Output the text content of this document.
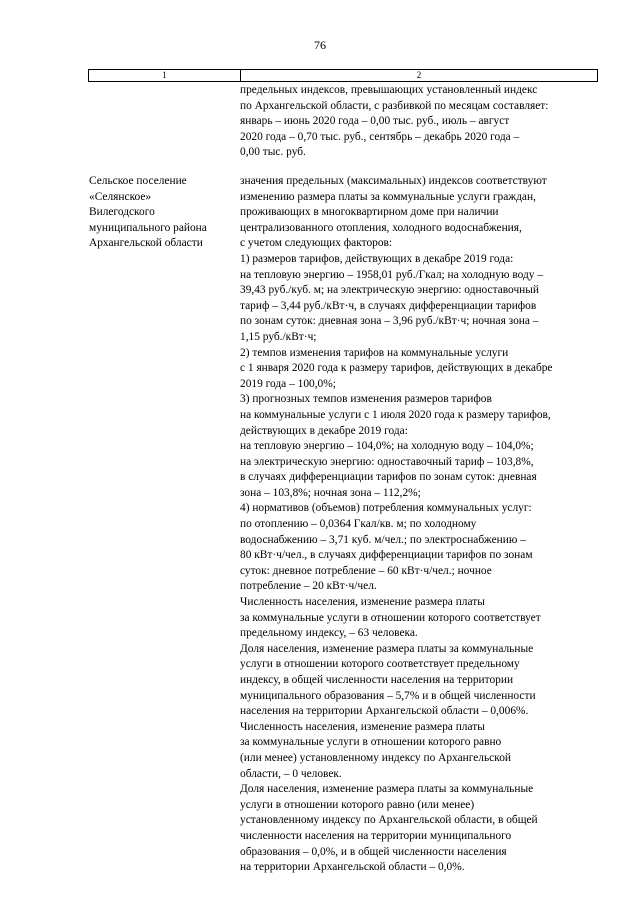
76
1	2
предельных индексов, превышающих установленный индекс
по Архангельской области, с разбивкой по месяцам составляет:
январь – июнь 2020 года – 0,00 тыс. руб., июль – август
2020 года – 0,70 тыс. руб., сентябрь – декабрь 2020 года –
0,00 тыс. руб.
Сельское поселение
«Селянское»
Вилегодского
муниципального района
Архангельской области
значения предельных (максимальных) индексов соответствуют
изменению размера платы за коммунальные услуги граждан,
проживающих в многоквартирном доме при наличии
централизованного отопления, холодного водоснабжения,
с учетом следующих факторов:
1) размеров тарифов, действующих в декабре 2019 года:
на тепловую энергию – 1958,01 руб./Гкал; на холодную воду –
39,43 руб./куб. м; на электрическую энергию: одноставочный
тариф – 3,44 руб./кВт·ч, в случаях дифференциации тарифов
по зонам суток: дневная зона – 3,96 руб./кВт·ч; ночная зона –
1,15 руб./кВт·ч;
2) темпов изменения тарифов на коммунальные услуги
с 1 января 2020 года к размеру тарифов, действующих в декабре
2019 года – 100,0%;
3) прогнозных темпов изменения размеров тарифов
на коммунальные услуги с 1 июля 2020 года к размеру тарифов,
действующих в декабре 2019 года:
на тепловую энергию – 104,0%; на холодную воду – 104,0%;
на электрическую энергию: одноставочный тариф – 103,8%,
в случаях дифференциации тарифов по зонам суток: дневная
зона – 103,8%; ночная зона – 112,2%;
4) нормативов (объемов) потребления коммунальных услуг:
по отоплению – 0,0364 Гкал/кв. м; по холодному
водоснабжению – 3,71 куб. м/чел.; по электроснабжению –
80 кВт·ч/чел., в случаях дифференциации тарифов по зонам
суток: дневное потребление – 60 кВт·ч/чел.; ночное
потребление – 20 кВт·ч/чел.
Численность населения, изменение размера платы
за коммунальные услуги в отношении которого соответствует
предельному индексу, – 63 человека.
Доля населения, изменение размера платы за коммунальные
услуги в отношении которого соответствует предельному
индексу, в общей численности населения на территории
муниципального образования – 5,7% и в общей численности
населения на территории Архангельской области – 0,006%.
Численность населения, изменение размера платы
за коммунальные услуги в отношении которого равно
(или менее) установленному индексу по Архангельской
области, – 0 человек.
Доля населения, изменение размера платы за коммунальные
услуги в отношении которого равно (или менее)
установленному индексу по Архангельской области, в общей
численности населения на территории муниципального
образования – 0,0%, и в общей численности населения
на территории Архангельской области – 0,0%.
